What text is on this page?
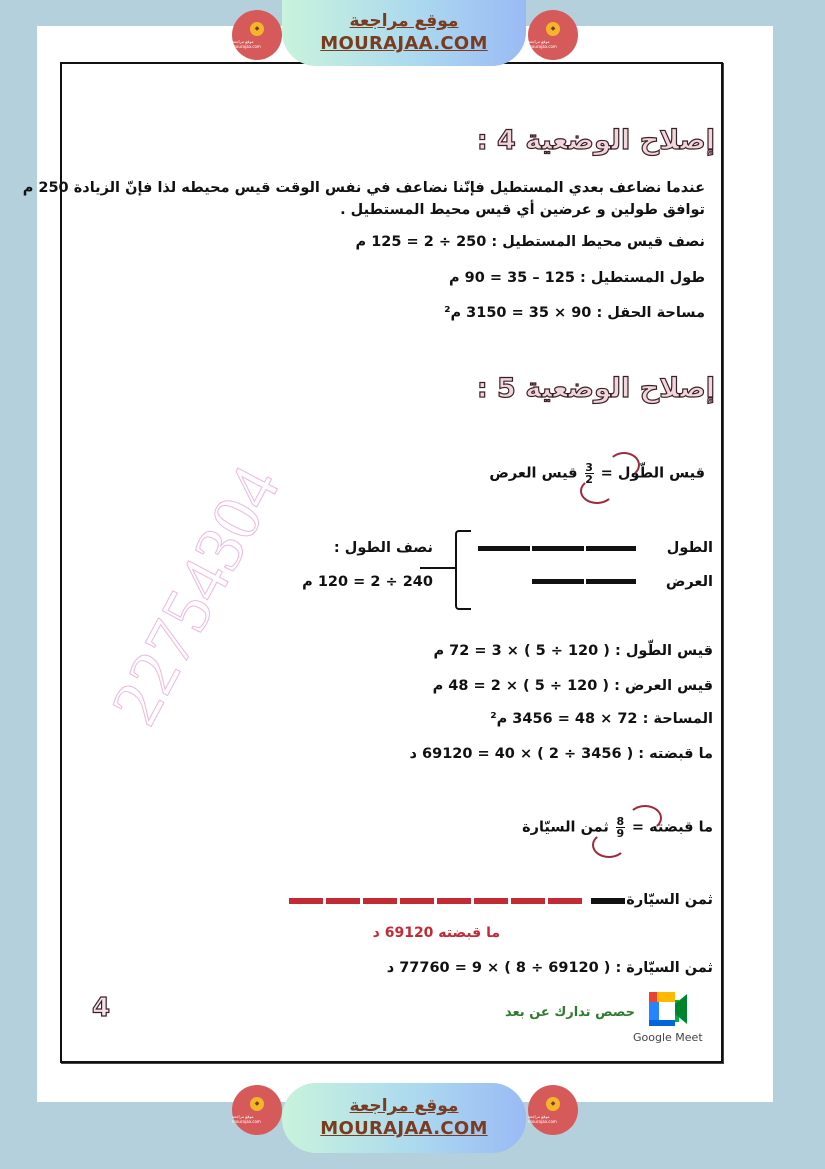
◆
موقع مراجعة mourajaa.com
موقع مراجعة
MOURAJAA.COM
◆
موقع مراجعة mourajaa.com
22754304
إصلاح الوضعية 4 :
عندما نضاعف بعدي المستطيل فإنّنا نضاعف في نفس الوقت قيس محيطه لذا فإنّ الزيادة 250 م
توافق طولين و عرضين أي قيس محيط المستطيل .
نصف قيس محيط المستطيل : 250 ÷ 2 = 125 م
طول المستطيل : 125 – 35 = 90 م
مساحة الحقل : 90 × 35 = 3150 م²
إصلاح الوضعية 5 :
قيس الطّول =
$\frac{3}{2}$
قيس العرض
الطول
العرض
نصف الطول :
240 ÷ 2 = 120 م
قيس الطّول : ( 120 ÷ 5 ) × 3 = 72 م
قيس العرض : ( 120 ÷ 5 ) × 2 = 48 م
المساحة : 72 × 48 = 3456 م²
ما قبضته : ( 3456 ÷ 2 ) × 40 = 69120 د
ما قبضته =
$\frac{8}{9}$
ثمن السيّارة
ثمن السيّارة
ما قبضته 69120 د
ثمن السيّارة : ( 69120 ÷ 8 ) × 9 = 77760 د
4	حصص تدارك عن بعد
Google Meet
◆
موقع مراجعة mourajaa.com
موقع مراجعة
MOURAJAA.COM
◆
موقع مراجعة mourajaa.com
